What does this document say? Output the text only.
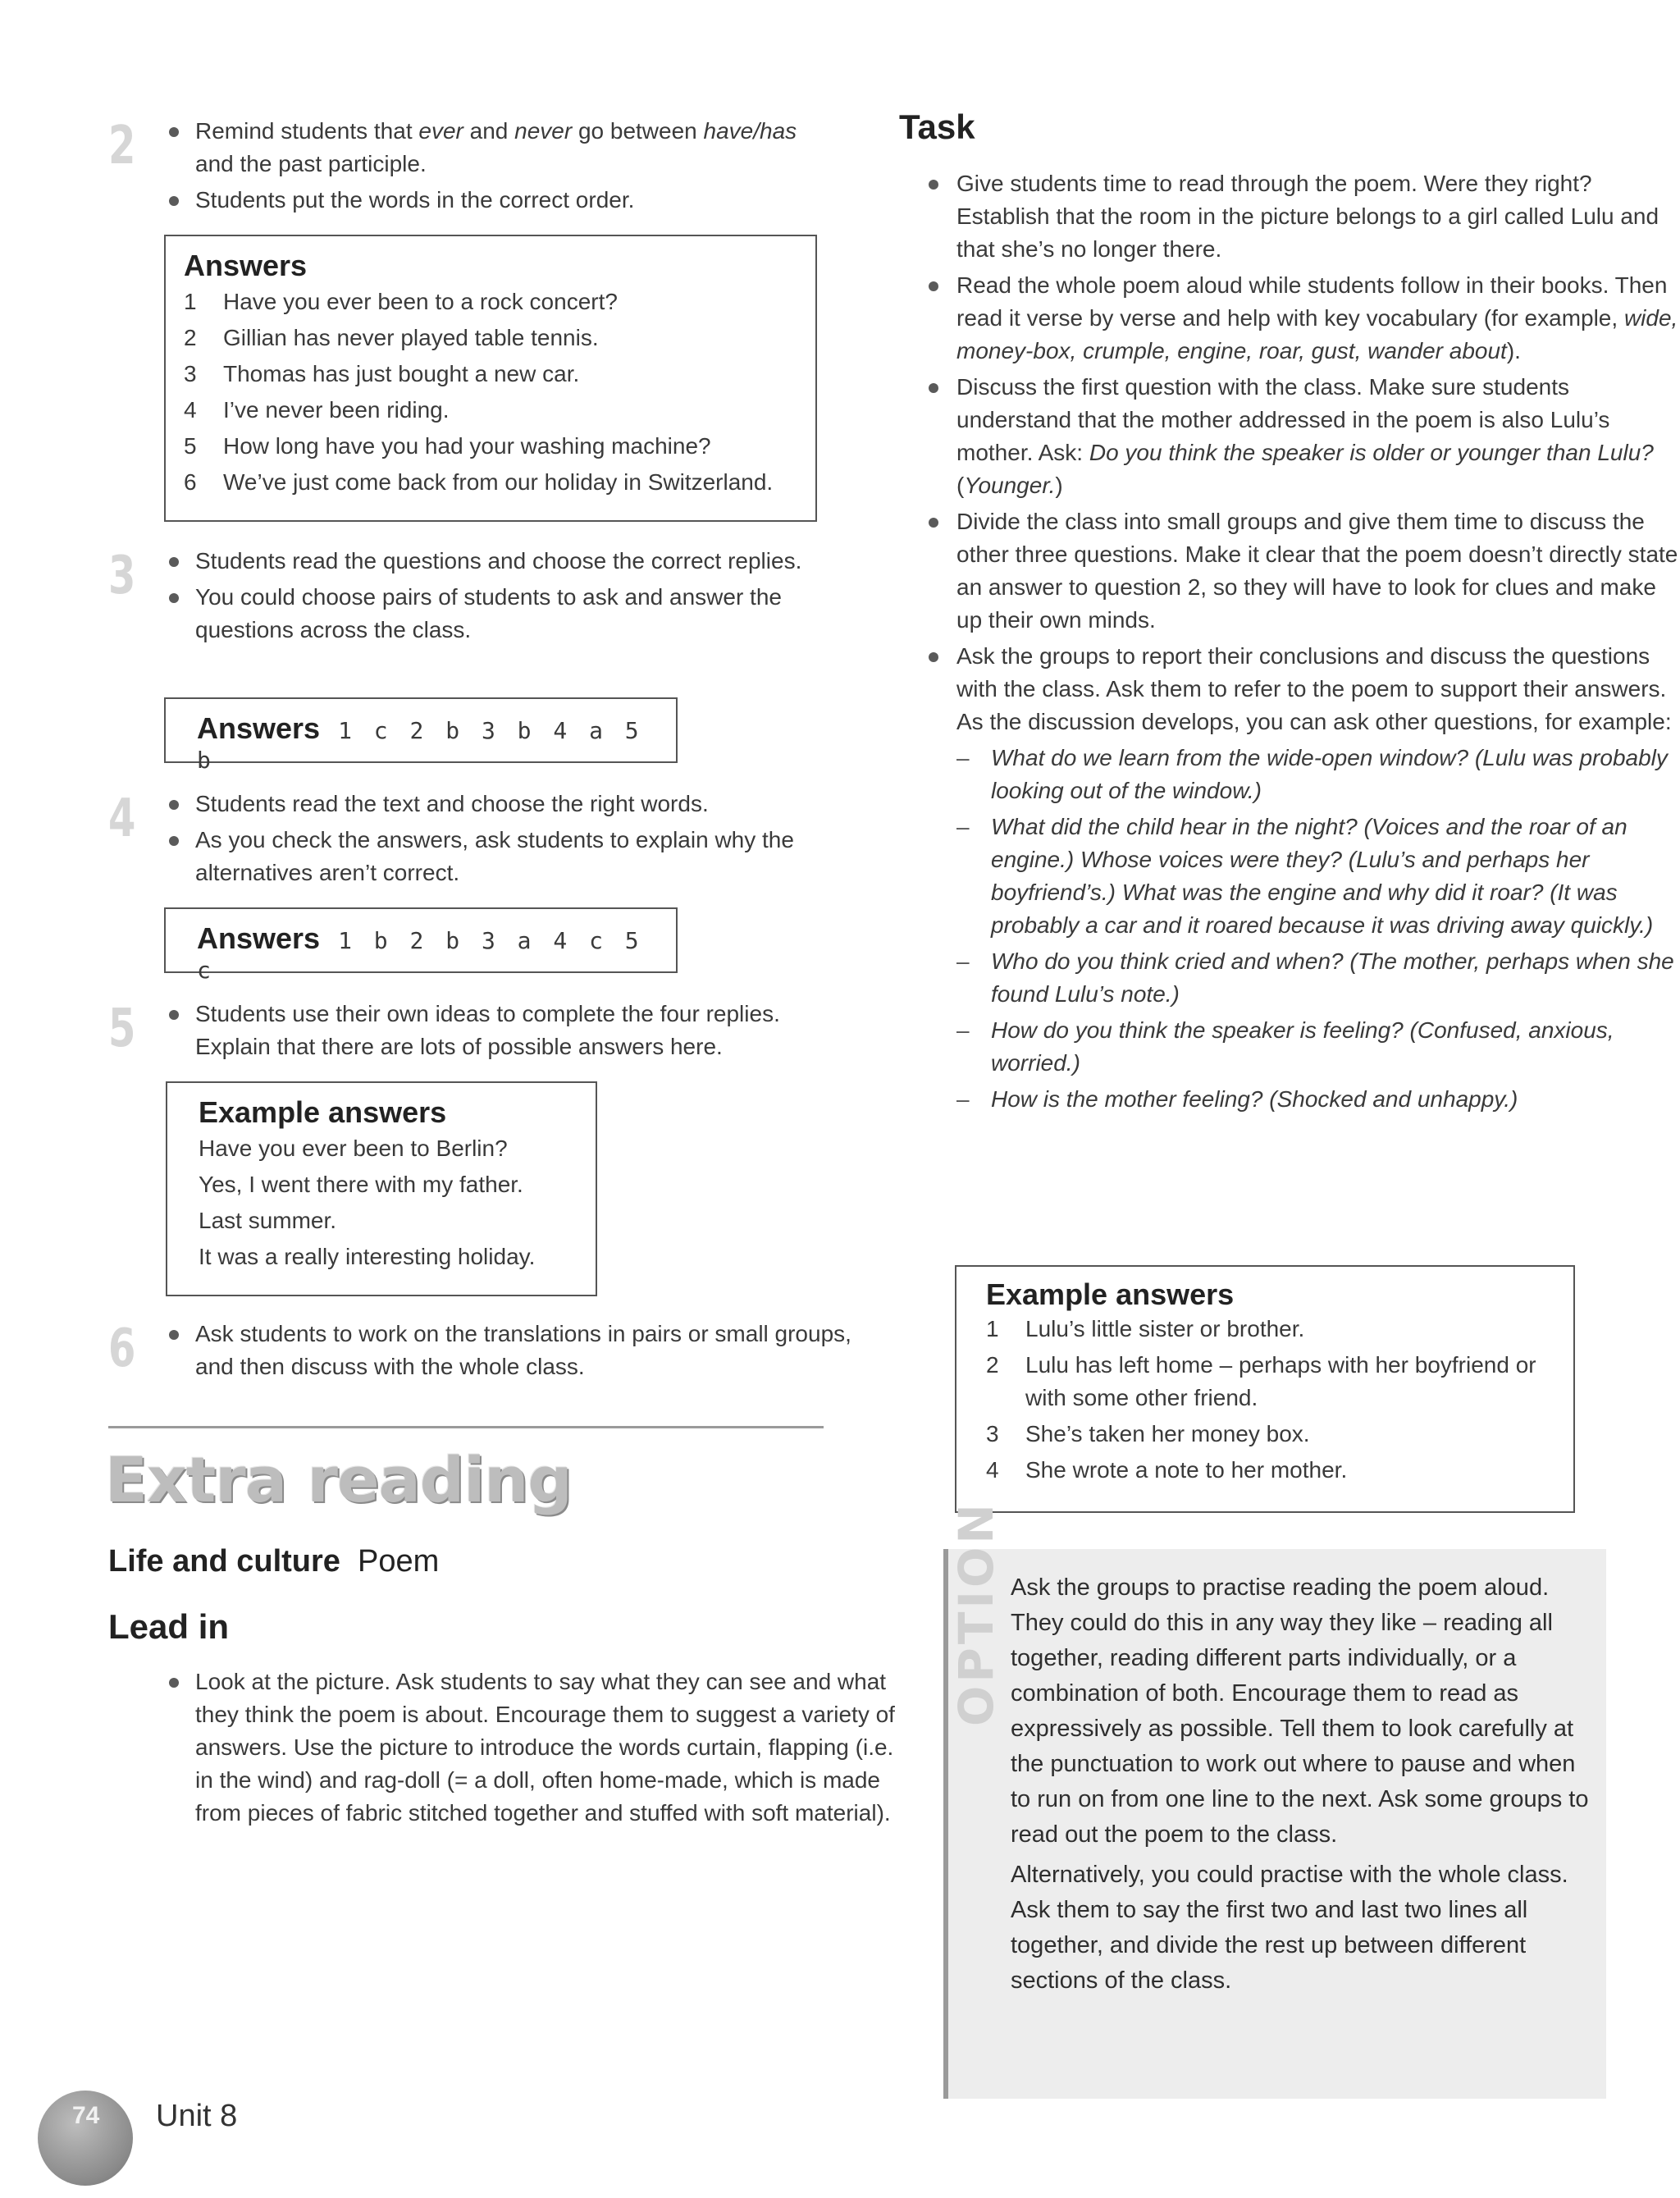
2	Remind students that ever and never go between have/has and the past participle.
Students put the words in the correct order.
Answers
1 Have you ever been to a rock concert?
2 Gillian has never played table tennis.
3 Thomas has just bought a new car.
4 I’ve never been riding.
5 How long have you had your washing machine?
6 We’ve just come back from our holiday in Switzerland.
3	Students read the questions and choose the correct replies.
You could choose pairs of students to ask and answer the questions across the class.
Answers 1 c 2 b 3 b 4 a 5 b
4	Students read the text and choose the right words.
As you check the answers, ask students to explain why the alternatives aren’t correct.
Answers 1 b 2 b 3 a 4 c 5 c
5	Students use their own ideas to complete the four replies. Explain that there are lots of possible answers here.
Example answers

Have you ever been to Berlin?

Yes, I went there with my father.

Last summer.

It was a really interesting holiday.

6	Ask students to work on the translations in pairs or small groups, and then discuss with the whole class.
Extra reading
Life and culture Poem
Lead in
Look at the picture. Ask students to say what they can see and what they think the poem is about. Encourage them to suggest a variety of answers. Use the picture to introduce the words curtain, flapping (i.e. in the wind) and rag-doll (= a doll, often home-made, which is made from pieces of fabric stitched together and stuffed with soft material).
Task
Give students time to read through the poem. Were they right? Establish that the room in the picture belongs to a girl called Lulu and that she’s no longer there.
Read the whole poem aloud while students follow in their books. Then read it verse by verse and help with key vocabulary (for example, wide, money-box, crumple, engine, roar, gust, wander about).
Discuss the first question with the class. Make sure students understand that the mother addressed in the poem is also Lulu’s mother. Ask: Do you think the speaker is older or younger than Lulu? (Younger.)
Divide the class into small groups and give them time to discuss the other three questions. Make it clear that the poem doesn’t directly state an answer to question 2, so they will have to look for clues and make up their own minds.
Ask the groups to report their conclusions and discuss the questions with the class. Ask them to refer to the poem to support their answers. As the discussion develops, you can ask other questions, for example:
– What do we learn from the wide-open window? (Lulu was probably looking out of the window.)
– What did the child hear in the night? (Voices and the roar of an engine.) Whose voices were they? (Lulu’s and perhaps her boyfriend’s.) What was the engine and why did it roar? (It was probably a car and it roared because it was driving away quickly.)
– Who do you think cried and when? (The mother, perhaps when she found Lulu’s note.)
– How do you think the speaker is feeling? (Confused, anxious, worried.)
– How is the mother feeling? (Shocked and unhappy.)
Example answers
1 Lulu’s little sister or brother.
2	Lulu has left home – perhaps with her boyfriend or with some other friend.
3 She’s taken her money box.
4 She wrote a note to her mother.
OPTION Ask the groups to practise reading the poem aloud. They could do this in any way they like – reading all together, reading different parts individually, or a combination of both. Encourage them to read as expressively as possible. Tell them to look carefully at the punctuation to work out where to pause and when to run on from one line to the next. Ask some groups to read out the poem to the class.

Alternatively, you could practise with the whole class. Ask them to say the first two and last two lines all together, and divide the rest up between different sections of the class.

74 Unit 8
